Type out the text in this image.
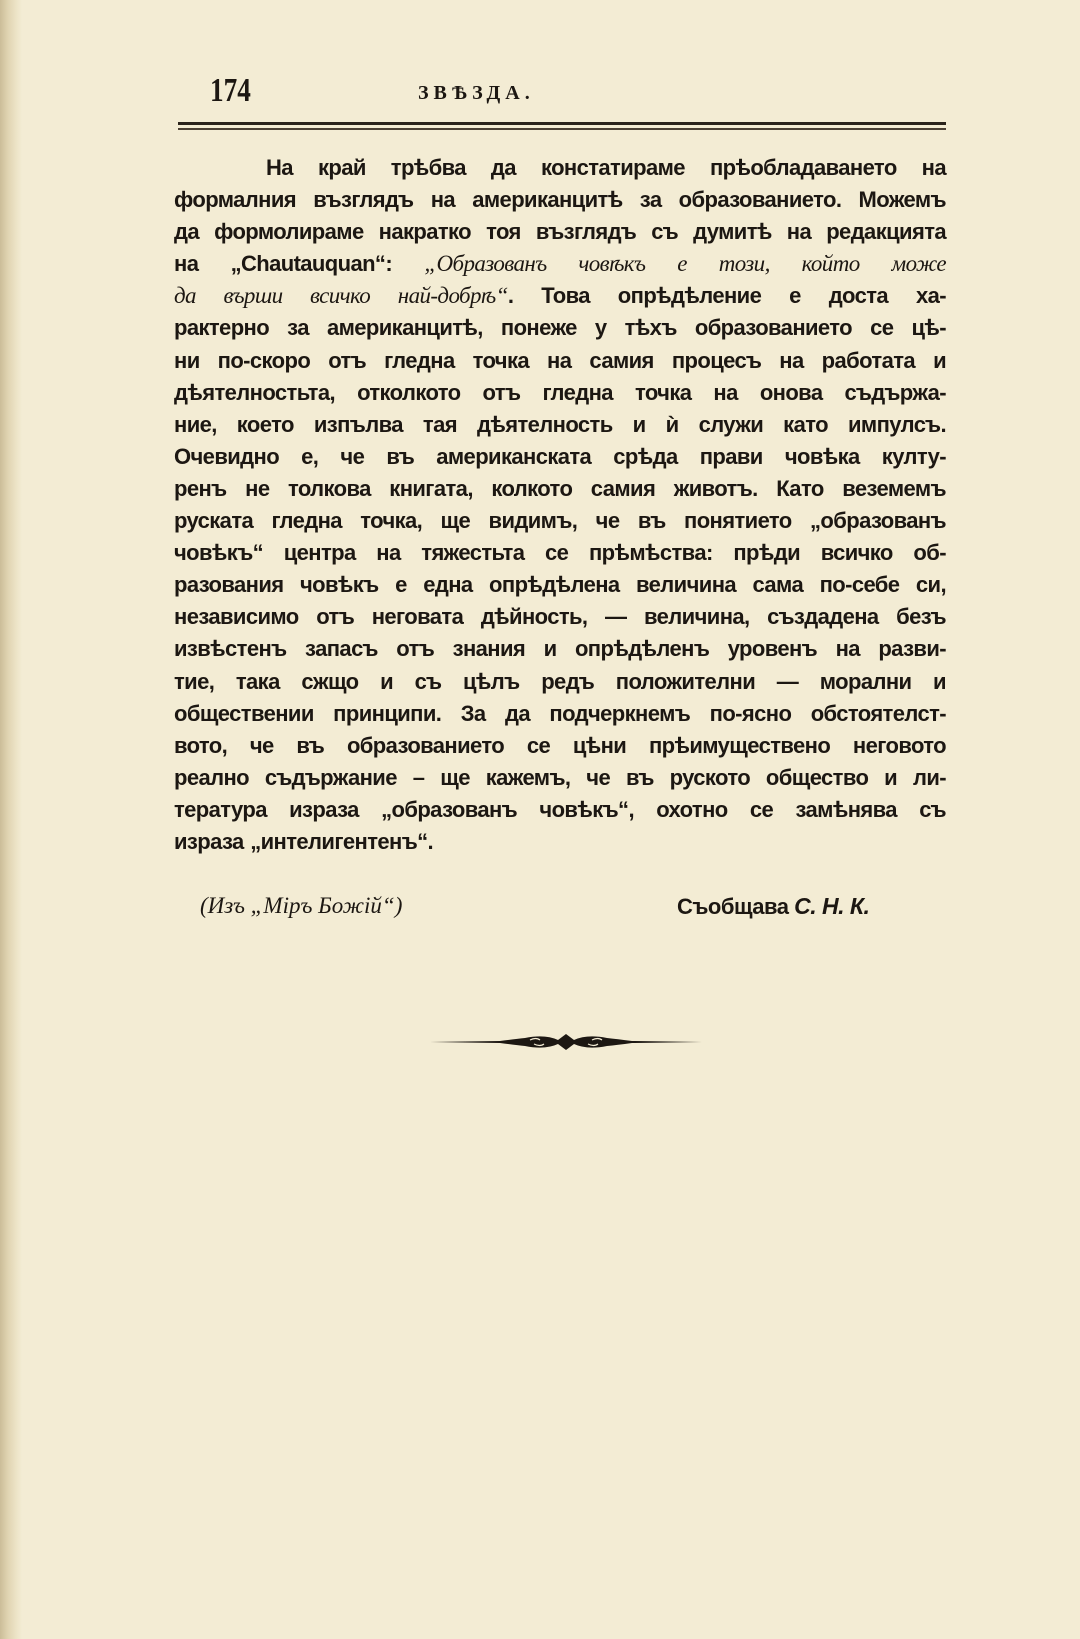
174	ЗВѢЗДА.
На край трѣбва да констатираме прѣобладаването на
формалния възглядъ на американцитѣ за образованието. Можемъ
да формолираме накратко тоя възглядъ съ думитѣ на редакцията
на „Chautauquan“: „Образованъ човѣкъ е този, който може
да върши всичко най-добрѣ“. Това опрѣдѣление е доста ха-
рактерно за американцитѣ, понеже у тѣхъ образованието се цѣ-
ни по-скоро отъ гледна точка на самия процесъ на работата и
дѣятелностьта, отколкото отъ гледна точка на онова съдържа-
ние, което изпълва тая дѣятелность и ѝ служи като импулсъ.
Очевидно е, че въ американската срѣда прави човѣка култу-
ренъ не толкова книгата, колкото самия животъ. Като веземемъ
руската гледна точка, ще видимъ, че въ понятието „образованъ
човѣкъ“ центра на тяжестьта се прѣмѣства: прѣди всичко об-
разования човѣкъ е една опрѣдѣлена величина сама по-себе си,
независимо отъ неговата дѣйность, — величина, създадена безъ
извѣстенъ запасъ отъ знания и опрѣдѣленъ уровенъ на разви-
тие, така сжщо и съ цѣлъ редъ положителни — морални и
обществении принципи. За да подчеркнемъ по-ясно обстоятелст-
вото, че въ образованието се цѣни прѣимуществено неговото
реално съдържание – ще кажемъ, че въ руското общество и ли-
тература израза „образованъ човѣкъ“, охотно се замѣнява съ
израза „интелигентенъ“.
(Изъ „Міръ Божій“)	Съобщава С. Н. К.
